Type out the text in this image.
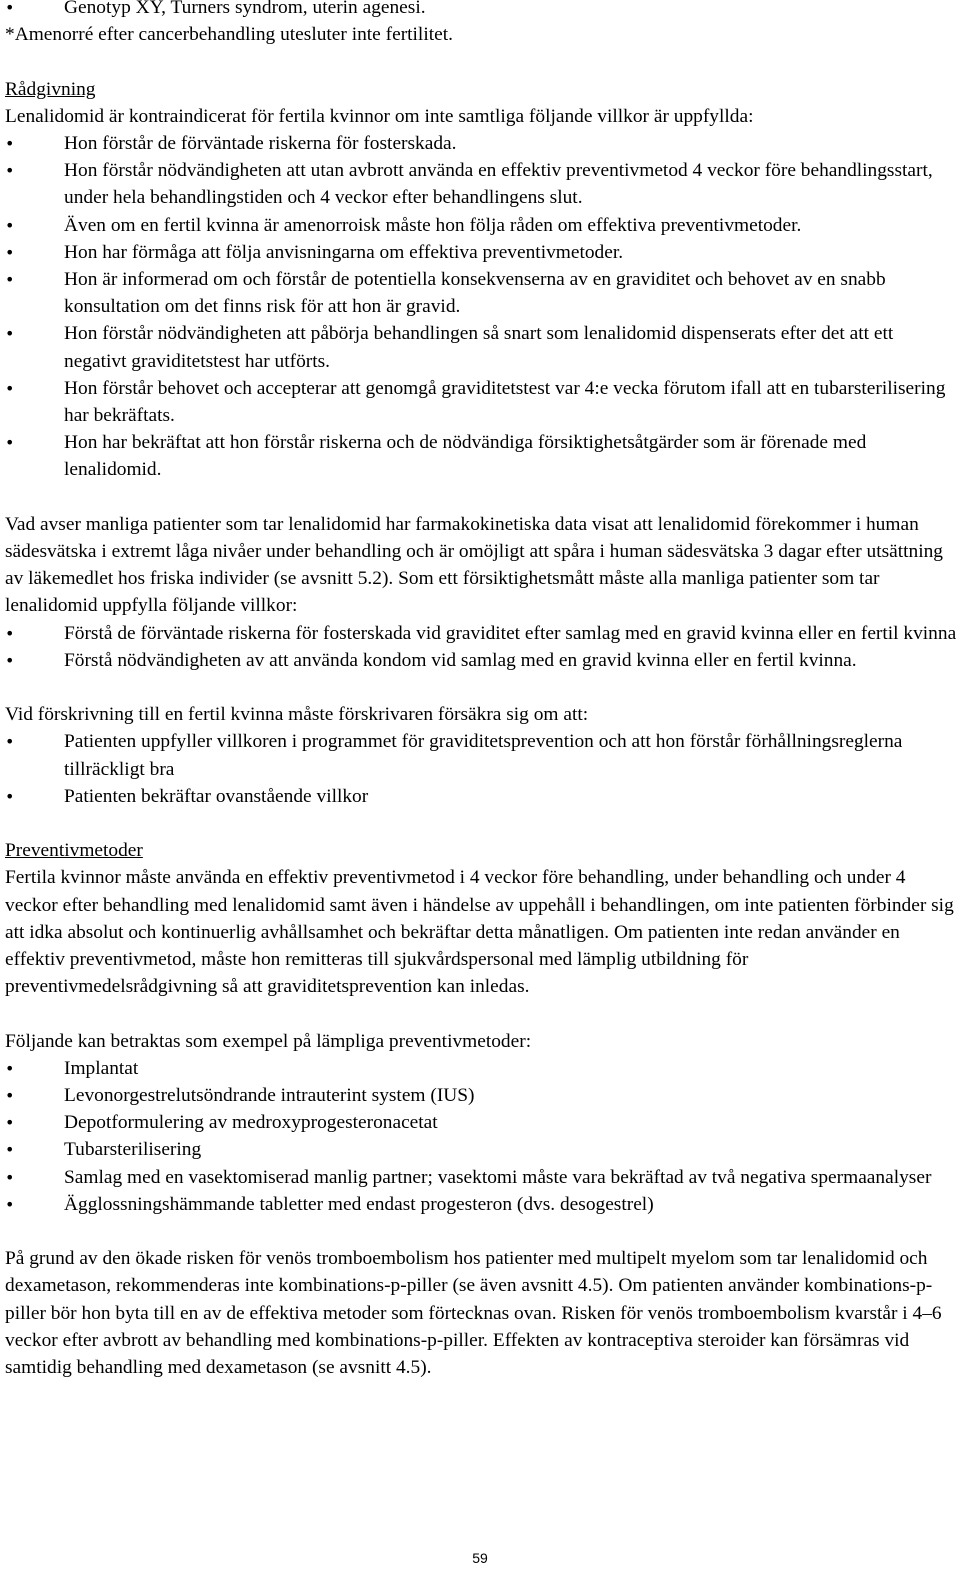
• Genotyp XY, Turners syndrom, uterin agenesi.

*Amenorré efter cancerbehandling utesluter inte fertilitet.

Rådgivning

Lenalidomid är kontraindicerat för fertila kvinnor om inte samtliga följande villkor är uppfyllda:

• Hon förstår de förväntade riskerna för fosterskada.
• Hon förstår nödvändigheten att utan avbrott använda en effektiv preventivmetod 4 veckor före behandlingsstart, under hela behandlingstiden och 4 veckor efter behandlingens slut.
• Även om en fertil kvinna är amenorroisk måste hon följa råden om effektiva preventivmetoder.
• Hon har förmåga att följa anvisningarna om effektiva preventivmetoder.
• Hon är informerad om och förstår de potentiella konsekvenserna av en graviditet och behovet av en snabb konsultation om det finns risk för att hon är gravid.
• Hon förstår nödvändigheten att påbörja behandlingen så snart som lenalidomid dispenserats efter det att ett negativt graviditetstest har utförts.
• Hon förstår behovet och accepterar att genomgå graviditetstest var 4:e vecka förutom ifall att en tubarsterilisering har bekräftats.
• Hon har bekräftat att hon förstår riskerna och de nödvändiga försiktighetsåtgärder som är förenade med lenalidomid.

Vad avser manliga patienter som tar lenalidomid har farmakokinetiska data visat att lenalidomid förekommer i human sädesvätska i extremt låga nivåer under behandling och är omöjligt att spåra i human sädesvätska 3 dagar efter utsättning av läkemedlet hos friska individer (se avsnitt 5.2). Som ett försiktighetsmått måste alla manliga patienter som tar lenalidomid uppfylla följande villkor:

• Förstå de förväntade riskerna för fosterskada vid graviditet efter samlag med en gravid kvinna eller en fertil kvinna
• Förstå nödvändigheten av att använda kondom vid samlag med en gravid kvinna eller en fertil kvinna.

Vid förskrivning till en fertil kvinna måste förskrivaren försäkra sig om att:

• Patienten uppfyller villkoren i programmet för graviditetsprevention och att hon förstår förhållningsreglerna tillräckligt bra
• Patienten bekräftar ovanstående villkor

Preventivmetoder

Fertila kvinnor måste använda en effektiv preventivmetod i 4 veckor före behandling, under behandling och under 4 veckor efter behandling med lenalidomid samt även i händelse av uppehåll i behandlingen, om inte patienten förbinder sig att idka absolut och kontinuerlig avhållsamhet och bekräftar detta månatligen. Om patienten inte redan använder en effektiv preventivmetod, måste hon remitteras till sjukvårdspersonal med lämplig utbildning för preventivmedelsrådgivning så att graviditetsprevention kan inledas.

Följande kan betraktas som exempel på lämpliga preventivmetoder:

• Implantat
• Levonorgestrelutsöndrande intrauterint system (IUS)
• Depotformulering av medroxyprogesteronacetat
• Tubarsterilisering
• Samlag med en vasektomiserad manlig partner; vasektomi måste vara bekräftad av två negativa spermaanalyser
• Ägglossningshämmande tabletter med endast progesteron (dvs. desogestrel)

På grund av den ökade risken för venös tromboembolism hos patienter med multipelt myelom som tar lenalidomid och dexametason, rekommenderas inte kombinations-p-piller (se även avsnitt 4.5). Om patienten använder kombinations-p-piller bör hon byta till en av de effektiva metoder som förtecknas ovan. Risken för venös tromboembolism kvarstår i 4–6 veckor efter avbrott av behandling med kombinations-p-piller. Effekten av kontraceptiva steroider kan försämras vid samtidig behandling med dexametason (se avsnitt 4.5).

59
